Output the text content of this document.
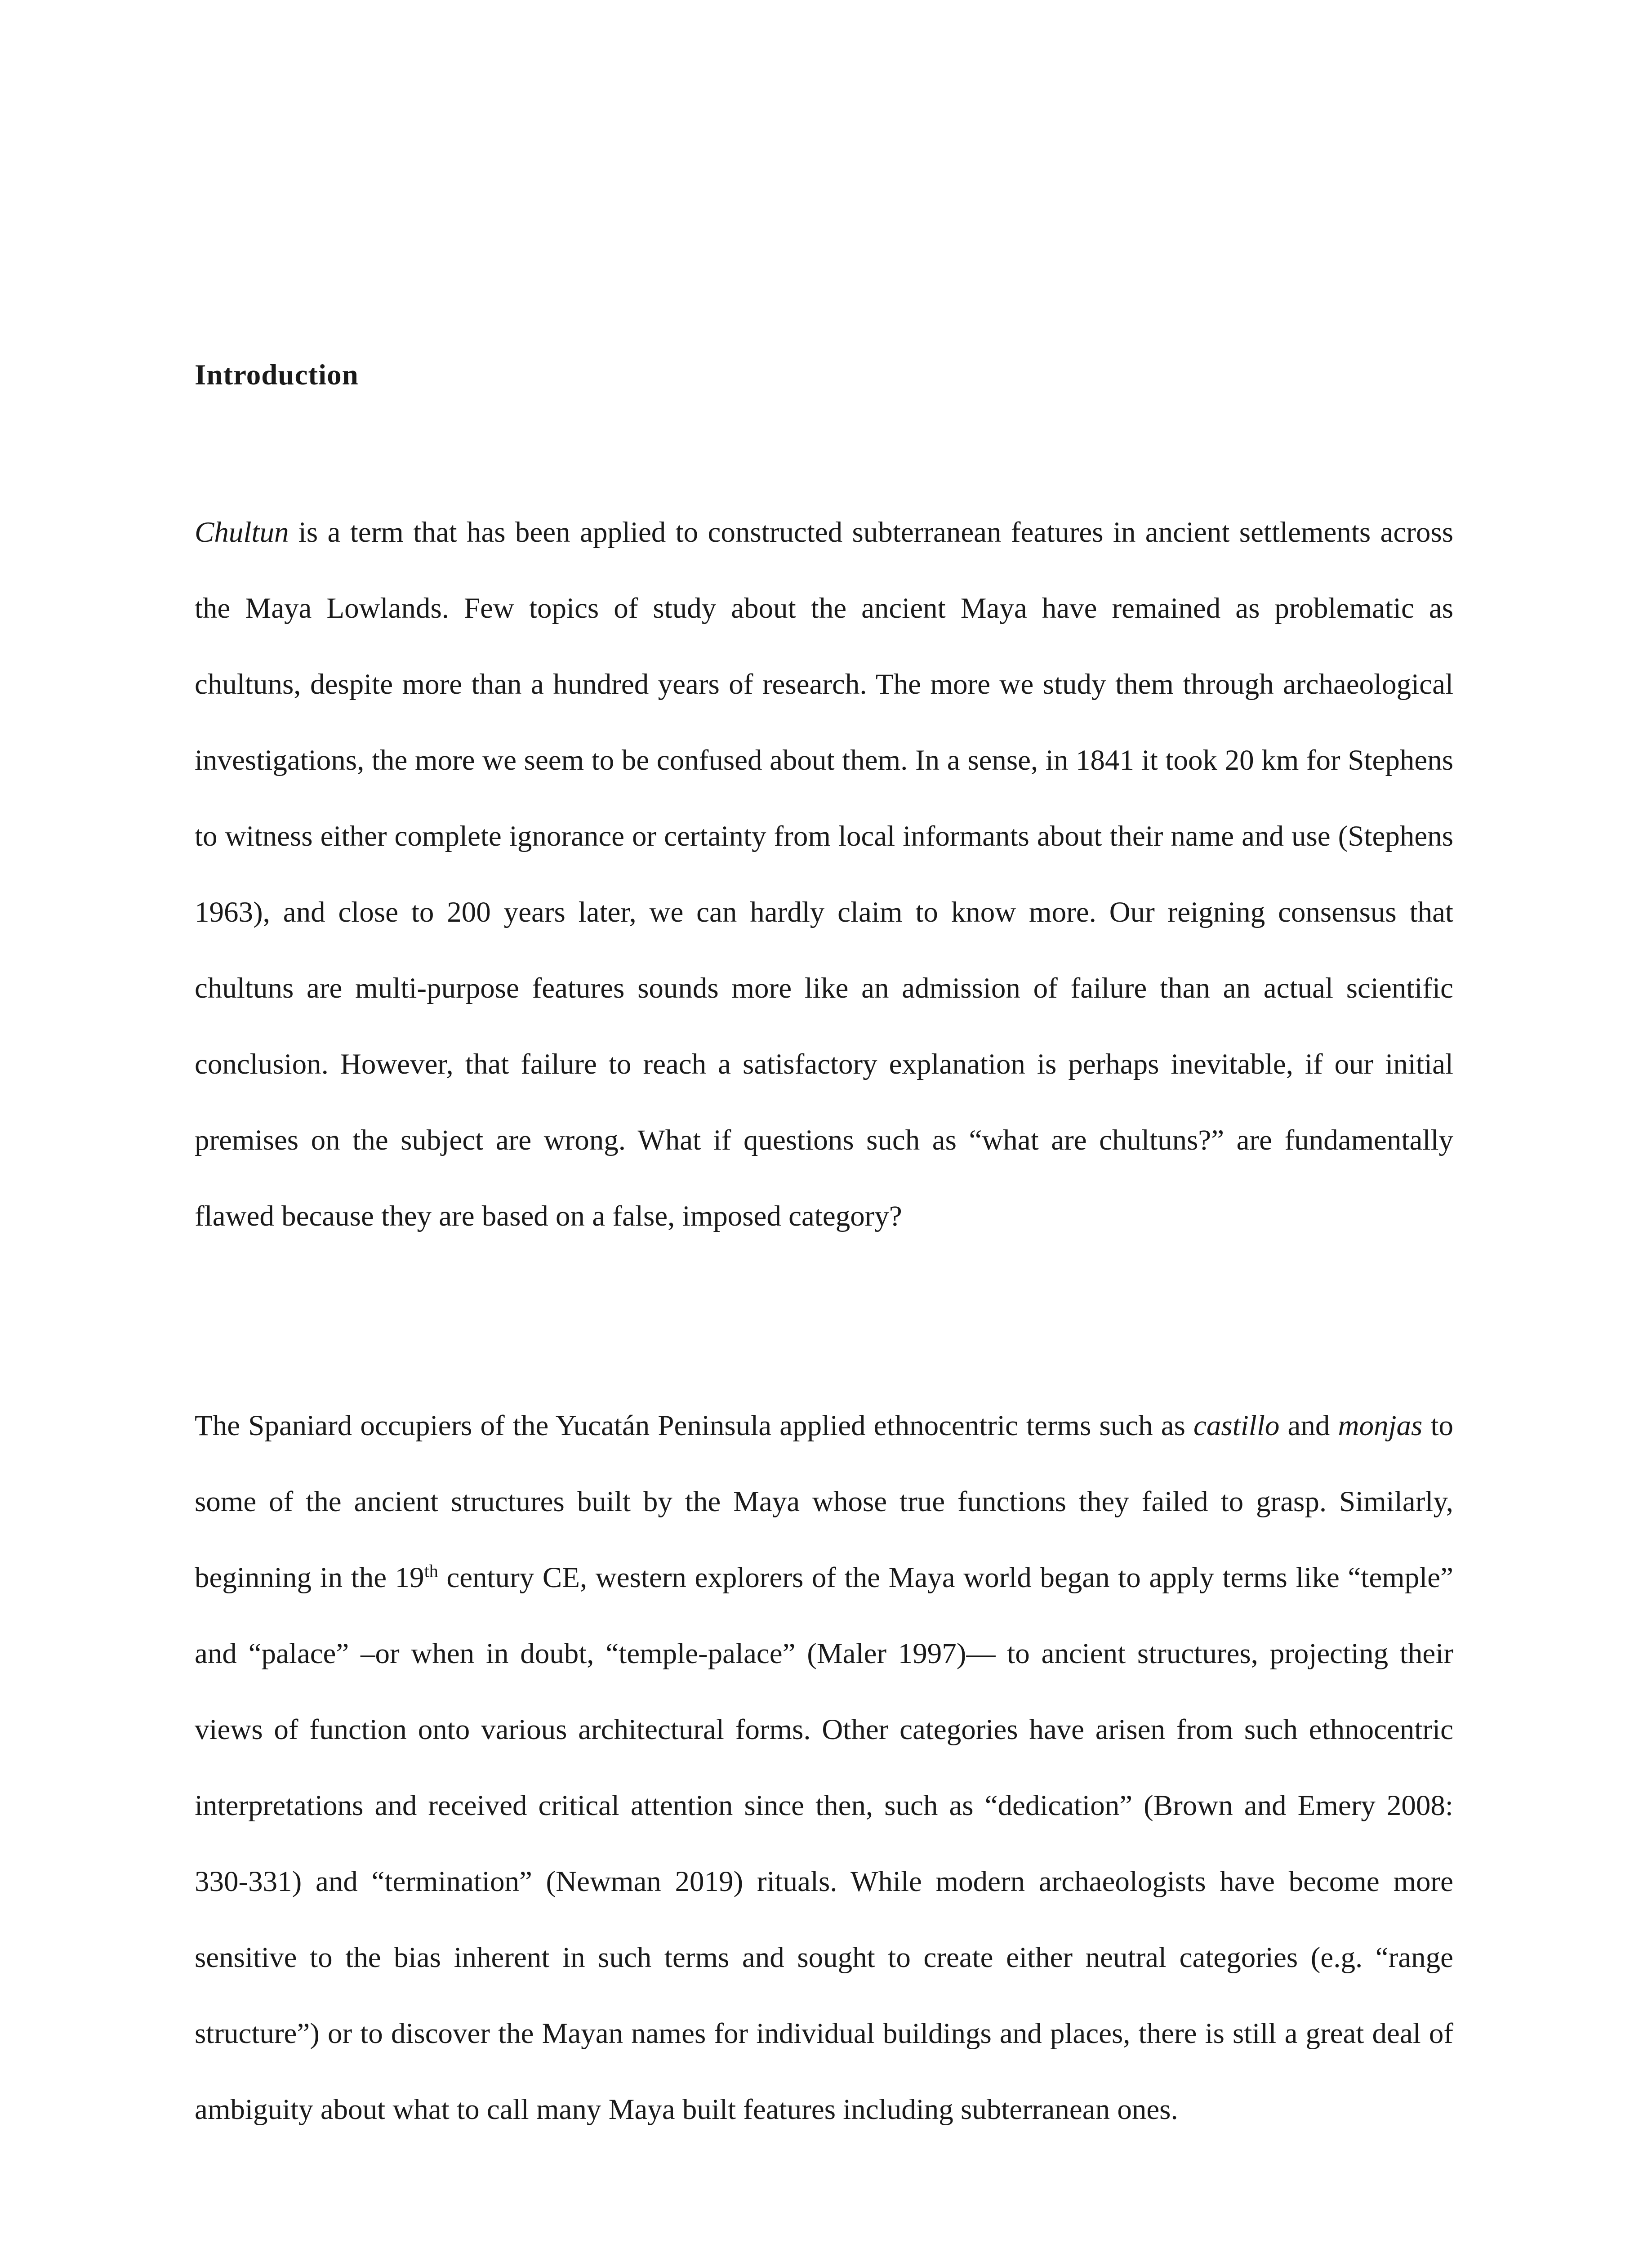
Introduction

Chultun is a term that has been applied to constructed subterranean features in ancient settlements across the Maya Lowlands. Few topics of study about the ancient Maya have remained as problematic as chultuns, despite more than a hundred years of research. The more we study them through archaeological investigations, the more we seem to be confused about them. In a sense, in 1841 it took 20 km for Stephens to witness either complete ignorance or certainty from local informants about their name and use (Stephens 1963), and close to 200 years later, we can hardly claim to know more. Our reigning consensus that chultuns are multi-purpose features sounds more like an admission of failure than an actual scientific conclusion. However, that failure to reach a satisfactory explanation is perhaps inevitable, if our initial premises on the subject are wrong. What if questions such as “what are chultuns?” are fundamentally flawed because they are based on a false, imposed category?

The Spaniard occupiers of the Yucatán Peninsula applied ethnocentric terms such as castillo and monjas to some of the ancient structures built by the Maya whose true functions they failed to grasp. Similarly, beginning in the 19th century CE, western explorers of the Maya world began to apply terms like “temple” and “palace” –or when in doubt, “temple-palace” (Maler 1997)— to ancient structures, projecting their views of function onto various architectural forms. Other categories have arisen from such ethnocentric interpretations and received critical attention since then, such as “dedication” (Brown and Emery 2008: 330-331) and “termination” (Newman 2019) rituals. While modern archaeologists have become more sensitive to the bias inherent in such terms and sought to create either neutral categories (e.g. “range structure”) or to discover the Mayan names for individual buildings and places, there is still a great deal of ambiguity about what to call many Maya built features including subterranean ones.
